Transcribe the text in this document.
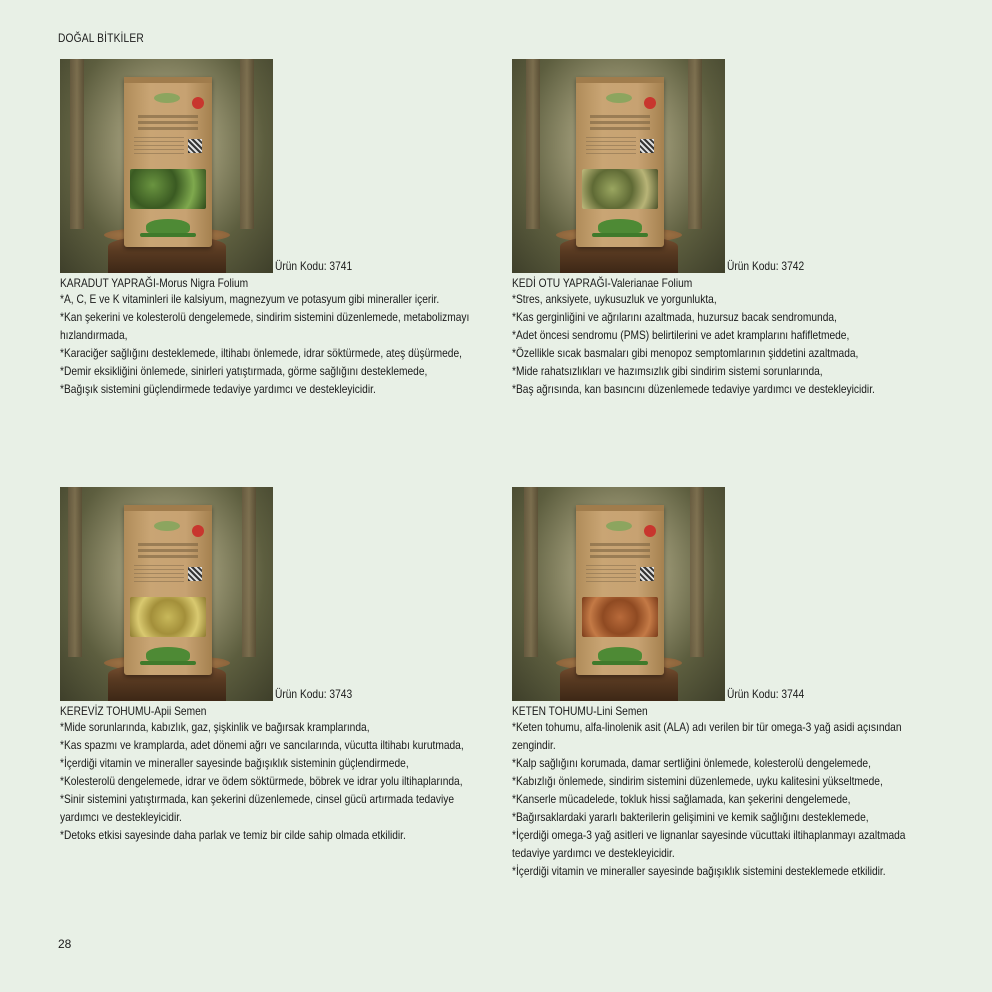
DOĞAL BİTKİLER
Ürün Kodu: 3741
KARADUT YAPRAĞI-Morus Nigra Folium
*A, C, E ve K vitaminleri ile kalsiyum, magnezyum ve potasyum gibi mineraller içerir.
*Kan şekerini ve kolesterolü dengelemede, sindirim sistemini düzenlemede, metabolizmayı hızlandırmada,
*Karaciğer sağlığını desteklemede, iltihabı önlemede, idrar söktürmede, ateş düşürmede,
*Demir eksikliğini önlemede, sinirleri yatıştırmada, görme sağlığını desteklemede,
*Bağışık sistemini güçlendirmede tedaviye yardımcı ve destekleyicidir.
Ürün Kodu: 3742
KEDİ OTU YAPRAĞI-Valerianae Folium
*Stres, anksiyete, uykusuzluk ve yorgunlukta,
*Kas gerginliğini ve ağrılarını azaltmada, huzursuz bacak sendromunda,
*Adet öncesi sendromu (PMS) belirtilerini ve adet kramplarını hafifletmede,
*Özellikle sıcak basmaları gibi menopoz semptomlarının şiddetini azaltmada,
*Mide rahatsızlıkları ve hazımsızlık gibi sindirim sistemi sorunlarında,
*Baş ağrısında, kan basıncını düzenlemede tedaviye yardımcı ve destekleyicidir.
Ürün Kodu: 3743
KEREVİZ TOHUMU-Apii Semen
*Mide sorunlarında, kabızlık, gaz, şişkinlik ve bağırsak kramplarında,
*Kas spazmı ve kramplarda, adet dönemi ağrı ve sancılarında, vücutta iltihabı kurutmada,
*İçerdiği vitamin ve mineraller sayesinde bağışıklık sisteminin güçlendirmede,
*Kolesterolü dengelemede, idrar ve ödem söktürmede, böbrek ve idrar yolu iltihaplarında,
*Sinir sistemini yatıştırmada, kan şekerini düzenlemede, cinsel gücü artırmada tedaviye yardımcı ve destekleyicidir.
*Detoks etkisi sayesinde daha parlak ve temiz bir cilde sahip olmada etkilidir.
Ürün Kodu: 3744
KETEN TOHUMU-Lini Semen
*Keten tohumu, alfa-linolenik asit (ALA) adı verilen bir tür omega-3 yağ asidi açısından zengindir.
*Kalp sağlığını korumada, damar sertliğini önlemede, kolesterolü dengelemede,
*Kabızlığı önlemede, sindirim sistemini düzenlemede, uyku kalitesini yükseltmede,
*Kanserle mücadelede, tokluk hissi sağlamada, kan şekerini dengelemede,
*Bağırsaklardaki yararlı bakterilerin gelişimini ve kemik sağlığını desteklemede,
*İçerdiği omega-3 yağ asitleri ve lignanlar sayesinde vücuttaki iltihaplanmayı azaltmada tedaviye yardımcı ve destekleyicidir.
*İçerdiği vitamin ve mineraller sayesinde bağışıklık sistemini desteklemede etkilidir.
28
